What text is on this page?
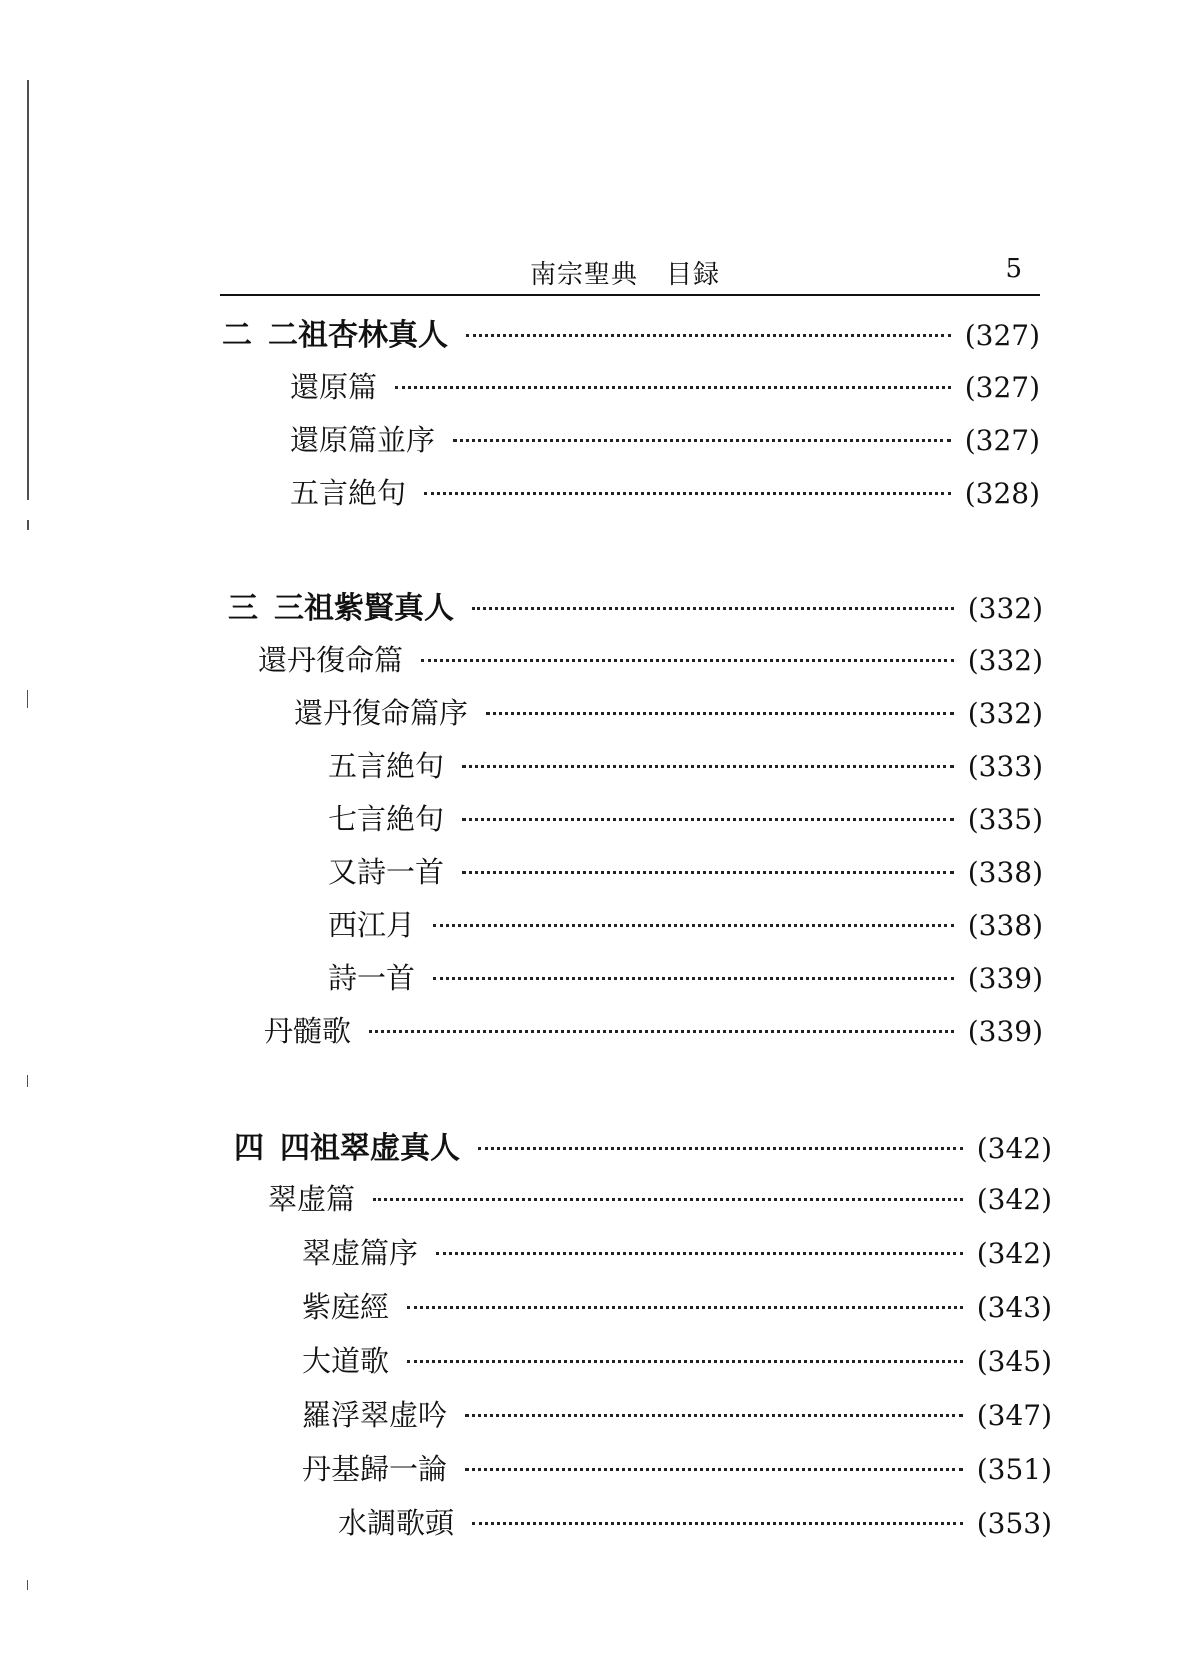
南宗聖典 目録	5
二 二祖杏林真人	(327)
還原篇	(327)
還原篇並序	(327)
五言絶句	(328)
三 三祖紫賢真人	(332)
還丹復命篇	(332)
還丹復命篇序	(332)
五言絶句	(333)
七言絶句	(335)
又詩一首	(338)
西江月	(338)
詩一首	(339)
丹髓歌	(339)
四 四祖翠虚真人	(342)
翠虚篇	(342)
翠虚篇序	(342)
紫庭經	(343)
大道歌	(345)
羅浮翠虚吟	(347)
丹基歸一論	(351)
水調歌頭	(353)
